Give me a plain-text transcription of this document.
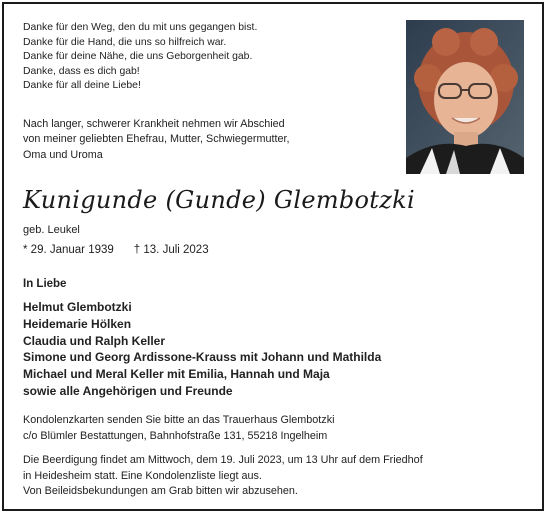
Danke für den Weg, den du mit uns gegangen bist.
Danke für die Hand, die uns so hilfreich war.
Danke für deine Nähe, die uns Geborgenheit gab.
Danke, dass es dich gab!
Danke für all deine Liebe!
Nach langer, schwerer Krankheit nehmen wir Abschied
von meiner geliebten Ehefrau, Mutter, Schwiegermutter,
Oma und Uroma
Kunigunde (Gunde) Glembotzki
geb. Leukel
* 29. Januar 1939 † 13. Juli 2023
In Liebe
Helmut Glembotzki
Heidemarie Hölken
Claudia und Ralph Keller
Simone und Georg Ardissone-Krauss mit Johann und Mathilda
Michael und Meral Keller mit Emilia, Hannah und Maja
sowie alle Angehörigen und Freunde
Kondolenzkarten senden Sie bitte an das Trauerhaus Glembotzki
c/o Blümler Bestattungen, Bahnhofstraße 131, 55218 Ingelheim
Die Beerdigung findet am Mittwoch, dem 19. Juli 2023, um 13 Uhr auf dem Friedhof
in Heidesheim statt. Eine Kondolenzliste liegt aus.
Von Beileidsbekundungen am Grab bitten wir abzusehen.
